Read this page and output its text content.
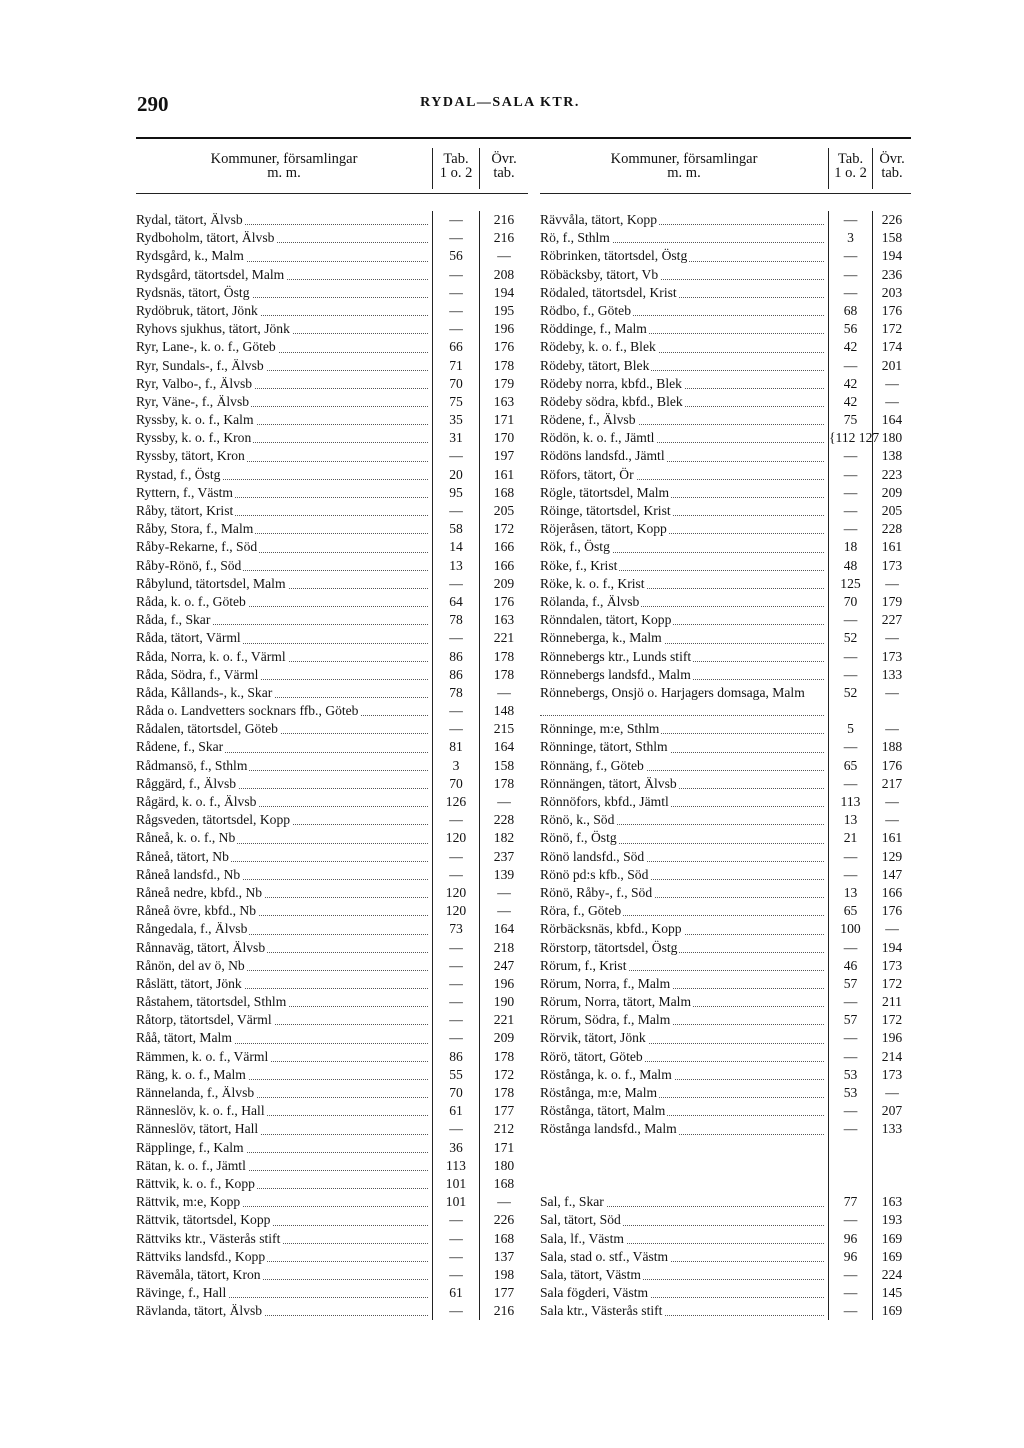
290	RYDAL—SALA KTR.
Kommuner, församlingar
m. m.
Tab.
1 o. 2
Övr.
tab.
Rydal, tätort, Älvsb	—	216
Rydboholm, tätort, Älvsb	—	216
Rydsgård, k., Malm	56	—
Rydsgård, tätortsdel, Malm	—	208
Rydsnäs, tätort, Östg	—	194
Rydöbruk, tätort, Jönk	—	195
Ryhovs sjukhus, tätort, Jönk	—	196
Ryr, Lane-, k. o. f., Göteb	66	176
Ryr, Sundals-, f., Älvsb	71	178
Ryr, Valbo-, f., Älvsb	70	179
Ryr, Väne-, f., Älvsb	75	163
Ryssby, k. o. f., Kalm	35	171
Ryssby, k. o. f., Kron	31	170
Ryssby, tätort, Kron	—	197
Rystad, f., Östg	20	161
Ryttern, f., Västm	95	168
Råby, tätort, Krist	—	205
Råby, Stora, f., Malm	58	172
Råby-Rekarne, f., Söd	14	166
Råby-Rönö, f., Söd	13	166
Råbylund, tätortsdel, Malm	—	209
Råda, k. o. f., Göteb	64	176
Råda, f., Skar	78	163
Råda, tätort, Värml	—	221
Råda, Norra, k. o. f., Värml	86	178
Råda, Södra, f., Värml	86	178
Råda, Kållands-, k., Skar	78	—
Råda o. Landvetters socknars ffb., Göteb	—	148
Rådalen, tätortsdel, Göteb	—	215
Rådene, f., Skar	81	164
Rådmansö, f., Sthlm	3	158
Råggärd, f., Älvsb	70	178
Rågärd, k. o. f., Älvsb	126	—
Rågsveden, tätortsdel, Kopp	—	228
Råneå, k. o. f., Nb	120	182
Råneå, tätort, Nb	—	237
Råneå landsfd., Nb	—	139
Råneå nedre, kbfd., Nb	120	—
Råneå övre, kbfd., Nb	120	—
Rångedala, f., Älvsb	73	164
Rånnaväg, tätort, Älvsb	—	218
Rånön, del av ö, Nb	—	247
Råslätt, tätort, Jönk	—	196
Råstahem, tätortsdel, Sthlm	—	190
Råtorp, tätortsdel, Värml	—	221
Råå, tätort, Malm	—	209
Rämmen, k. o. f., Värml	86	178
Räng, k. o. f., Malm	55	172
Rännelanda, f., Älvsb	70	178
Ränneslöv, k. o. f., Hall	61	177
Ränneslöv, tätort, Hall	—	212
Räpplinge, f., Kalm	36	171
Rätan, k. o. f., Jämtl	113	180
Rättvik, k. o. f., Kopp	101	168
Rättvik, m:e, Kopp	101	—
Rättvik, tätortsdel, Kopp	—	226
Rättviks ktr., Västerås stift	—	168
Rättviks landsfd., Kopp	—	137
Rävemåla, tätort, Kron	—	198
Rävinge, f., Hall	61	177
Rävlanda, tätort, Älvsb	—	216
Kommuner, församlingar
m. m.
Tab.
1 o. 2
Övr.
tab.
Rävvåla, tätort, Kopp	—	226
Rö, f., Sthlm	3	158
Röbrinken, tätortsdel, Östg	—	194
Röbäcksby, tätort, Vb	—	236
Rödaled, tätortsdel, Krist	—	203
Rödbo, f., Göteb	68	176
Röddinge, f., Malm	56	172
Rödeby, k. o. f., Blek	42	174
Rödeby, tätort, Blek	—	201
Rödeby norra, kbfd., Blek	42	—
Rödeby södra, kbfd., Blek	42	—
Rödene, f., Älvsb	75	164
Rödön, k. o. f., Jämtl	{112 127 180
Rödöns landsfd., Jämtl	—	138
Röfors, tätort, Ör	—	223
Rögle, tätortsdel, Malm	—	209
Röinge, tätortsdel, Krist	—	205
Röjeråsen, tätort, Kopp	—	228
Rök, f., Östg	18	161
Röke, f., Krist	48	173
Röke, k. o. f., Krist	125	—
Rölanda, f., Älvsb	70	179
Rönndalen, tätort, Kopp	—	227
Rönneberga, k., Malm	52	—
Rönnebergs ktr., Lunds stift	—	173
Rönnebergs landsfd., Malm	—	133
Rönnebergs, Onsjö o. Harjagers domsaga, Malm	52	—
Rönninge, m:e, Sthlm	5	—
Rönninge, tätort, Sthlm	—	188
Rönnäng, f., Göteb	65	176
Rönnängen, tätort, Älvsb	—	217
Rönnöfors, kbfd., Jämtl	113	—
Rönö, k., Söd	13	—
Rönö, f., Östg	21	161
Rönö landsfd., Söd	—	129
Rönö pd:s kfb., Söd	—	147
Rönö, Råby-, f., Söd	13	166
Röra, f., Göteb	65	176
Rörbäcksnäs, kbfd., Kopp	100	—
Rörstorp, tätortsdel, Östg	—	194
Rörum, f., Krist	46	173
Rörum, Norra, f., Malm	57	172
Rörum, Norra, tätort, Malm	—	211
Rörum, Södra, f., Malm	57	172
Rörvik, tätort, Jönk	—	196
Rörö, tätort, Göteb	—	214
Röstånga, k. o. f., Malm	53	173
Röstånga, m:e, Malm	53	—
Röstånga, tätort, Malm	—	207
Röstånga landsfd., Malm	—	133
Sal, f., Skar	77	163
Sal, tätort, Söd	—	193
Sala, lf., Västm	96	169
Sala, stad o. stf., Västm	96	169
Sala, tätort, Västm	—	224
Sala fögderi, Västm	—	145
Sala ktr., Västerås stift	—	169
